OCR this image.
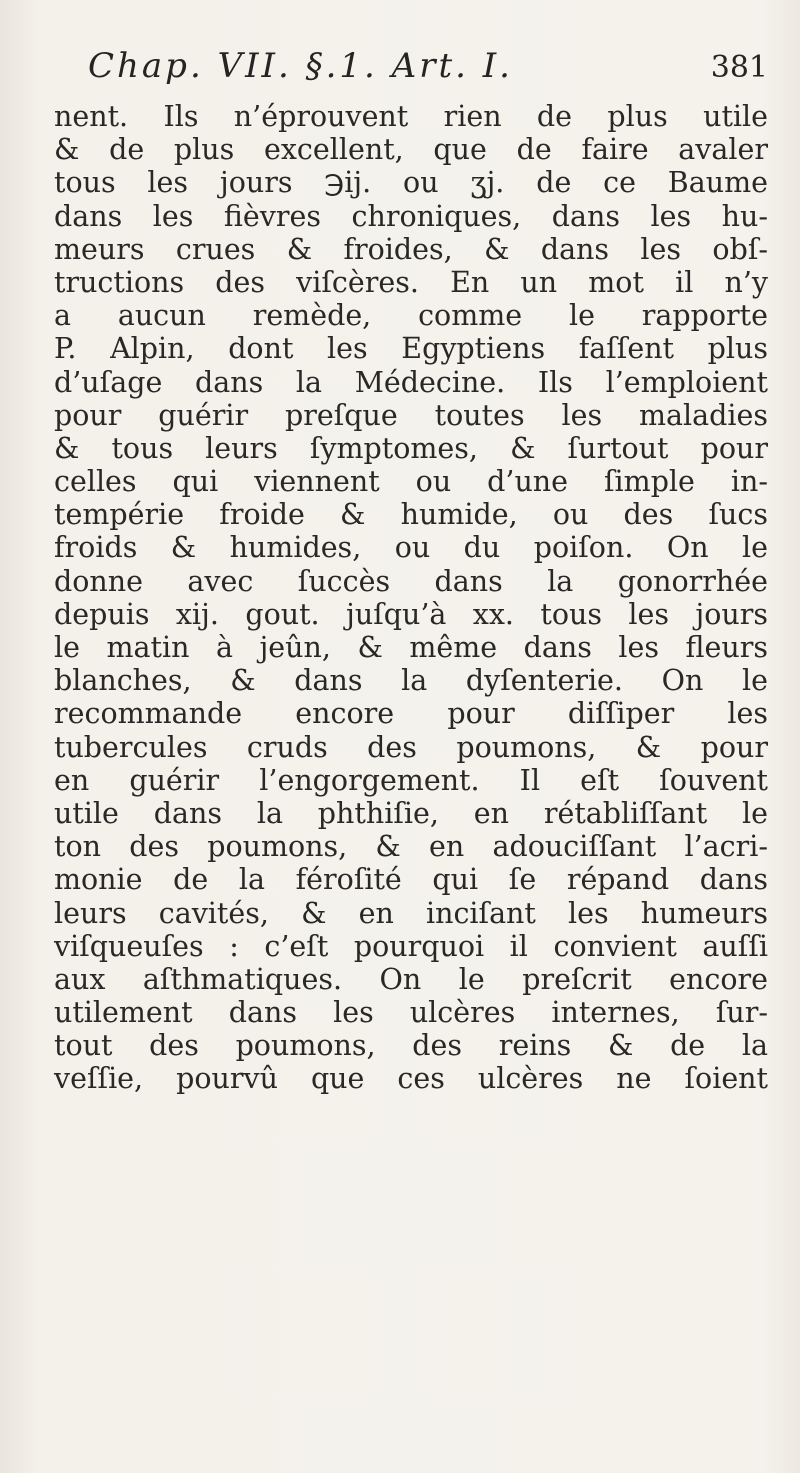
Chap. VII. §.1. Art. I.	381
nent. Ils n’éprouvent rien de plus utile
& de plus excellent, que de faire avaler
tous les jours ℈ij. ou ʒj. de ce Baume
dans les fièvres chroniques, dans les hu-
meurs crues & froides, & dans les obſ-
tructions des viſcères. En un mot il n’y
a aucun remède, comme le rapporte
P. Alpin, dont les Egyptiens faſſent plus
d’uſage dans la Médecine. Ils l’emploient
pour guérir preſque toutes les maladies
& tous leurs ſymptomes, & ſurtout pour
celles qui viennent ou d’une ſimple in-
tempérie froide & humide, ou des ſucs
froids & humides, ou du poiſon. On le
donne avec ſuccès dans la gonorrhée
depuis xij. gout. juſqu’à xx. tous les jours
le matin à jeûn, & même dans les fleurs
blanches, & dans la dyſenterie. On le
recommande encore pour diſſiper les
tubercules cruds des poumons, & pour
en guérir l’engorgement. Il eſt ſouvent
utile dans la phthiſie, en rétabliſſant le
ton des poumons, & en adouciſſant l’acri-
monie de la féroſité qui ſe répand dans
leurs cavités, & en inciſant les humeurs
viſqueuſes : c’eſt pourquoi il convient auſſi
aux aſthmatiques. On le preſcrit encore
utilement dans les ulcères internes, ſur-
tout des poumons, des reins & de la
veſſie, pourvû que ces ulcères ne ſoient
